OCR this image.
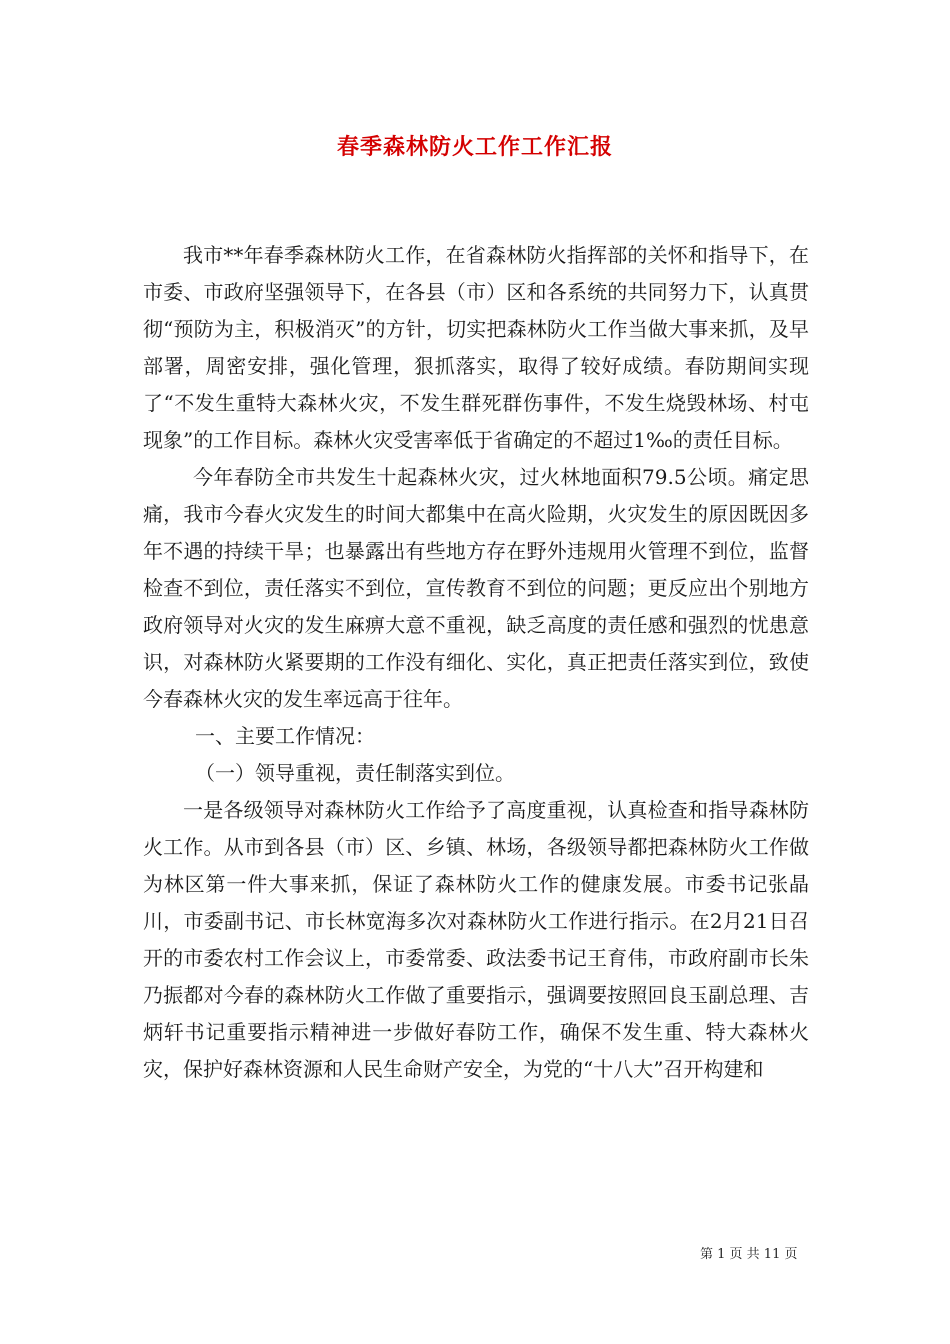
春季森林防火工作工作汇报

我市**年春季森林防火工作，在省森林防火指挥部的关怀和指导下，在市委、市政府坚强领导下，在各县（市）区和各系统的共同努力下，认真贯彻“预防为主，积极消灭”的方针，切实把森林防火工作当做大事来抓，及早部署，周密安排，强化管理，狠抓落实，取得了较好成绩。春防期间实现了“不发生重特大森林火灾，不发生群死群伤事件，不发生烧毁林场、村屯现象”的工作目标。森林火灾受害率低于省确定的不超过1‰的责任目标。

今年春防全市共发生十起森林火灾，过火林地面积79.5公顷。痛定思痛，我市今春火灾发生的时间大都集中在高火险期，火灾发生的原因既因多年不遇的持续干旱；也暴露出有些地方存在野外违规用火管理不到位，监督检查不到位，责任落实不到位，宣传教育不到位的问题；更反应出个别地方政府领导对火灾的发生麻痹大意不重视，缺乏高度的责任感和强烈的忧患意识，对森林防火紧要期的工作没有细化、实化，真正把责任落实到位，致使今春森林火灾的发生率远高于往年。

一、主要工作情况：

（一）领导重视，责任制落实到位。

一是各级领导对森林防火工作给予了高度重视，认真检查和指导森林防火工作。从市到各县（市）区、乡镇、林场，各级领导都把森林防火工作做为林区第一件大事来抓，保证了森林防火工作的健康发展。市委书记张晶川，市委副书记、市长林宽海多次对森林防火工作进行指示。在2月21日召开的市委农村工作会议上，市委常委、政法委书记王育伟，市政府副市长朱乃振都对今春的森林防火工作做了重要指示，强调要按照回良玉副总理、吉炳轩书记重要指示精神进一步做好春防工作，确保不发生重、特大森林火灾，保护好森林资源和人民生命财产安全，为党的“十八大”召开构建和

第 1 页 共 11 页
